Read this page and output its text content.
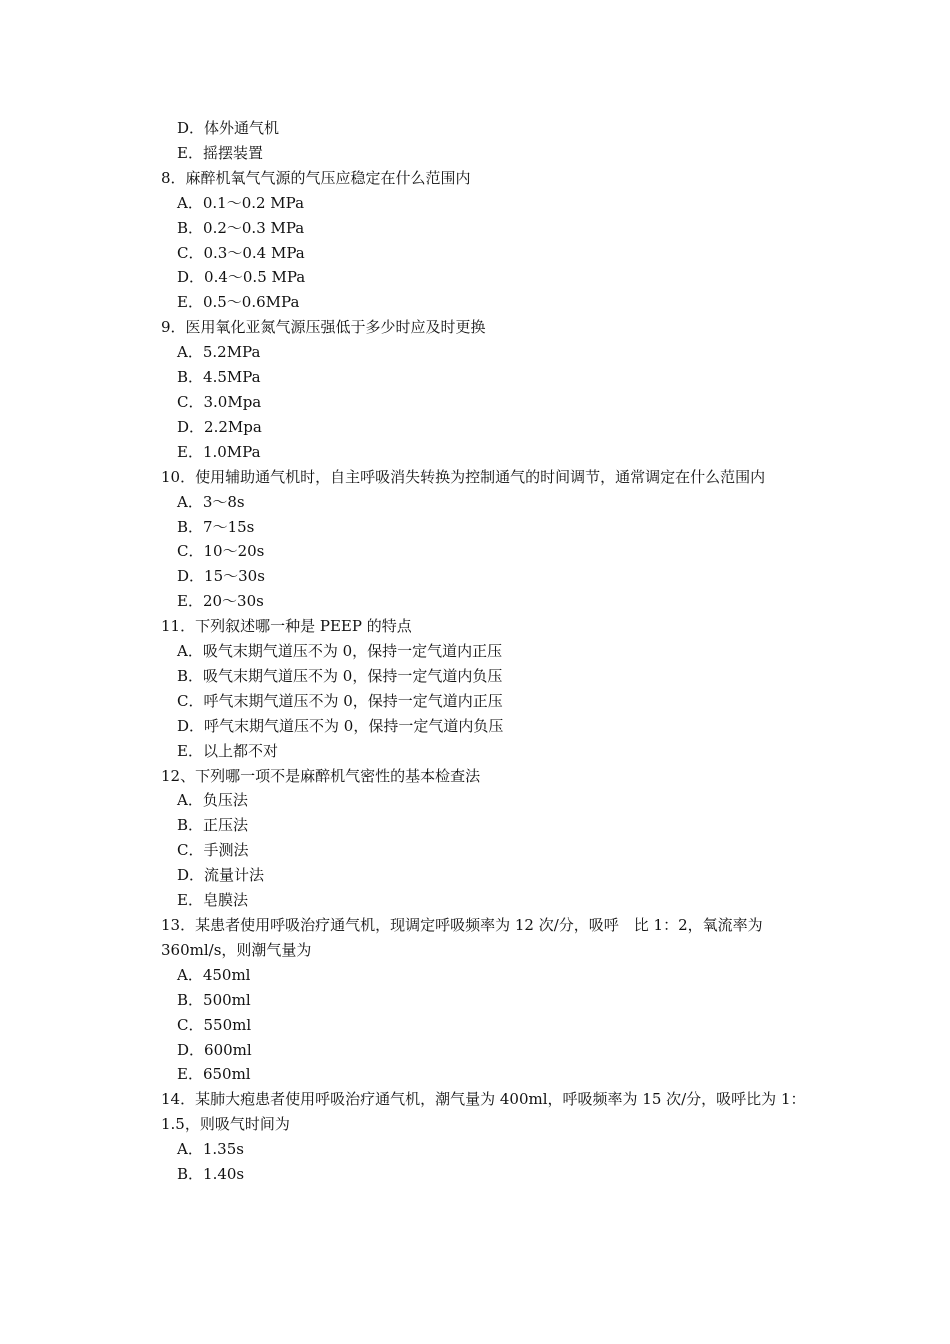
D．体外通气机

E．摇摆装置

8．麻醉机氧气气源的气压应稳定在什么范围内

A．0.1～0.2 MPa

B．0.2～0.3 MPa

C．0.3～0.4 MPa

D．0.4～0.5 MPa

E．0.5～0.6MPa

9．医用氧化亚氮气源压强低于多少时应及时更换

A．5.2MPa

B．4.5MPa

C．3.0Mpa

D．2.2Mpa

E．1.0MPa

10．使用辅助通气机时，自主呼吸消失转换为控制通气的时间调节，通常调定在什么范围内

A．3～8s

B．7～15s

C．10～20s

D．15～30s

E．20～30s

11．下列叙述哪一种是 PEEP 的特点

A．吸气末期气道压不为 0，保持一定气道内正压

B．吸气末期气道压不为 0，保持一定气道内负压

C．呼气末期气道压不为 0，保持一定气道内正压

D．呼气末期气道压不为 0，保持一定气道内负压

E．以上都不对

12、下列哪一项不是麻醉机气密性的基本检查法

A．负压法

B．正压法

C．手测法

D．流量计法

E．皂膜法

13．某患者使用呼吸治疗通气机，现调定呼吸频率为 12 次/分，吸呼　比 1：2，氧流率为 360ml/s，则潮气量为

A．450ml

B．500ml

C．550ml

D．600ml

E．650ml

14．某肺大疱患者使用呼吸治疗通气机，潮气量为 400ml，呼吸频率为 15 次/分，吸呼比为 1：1.5，则吸气时间为

A．1.35s

B．1.40s
